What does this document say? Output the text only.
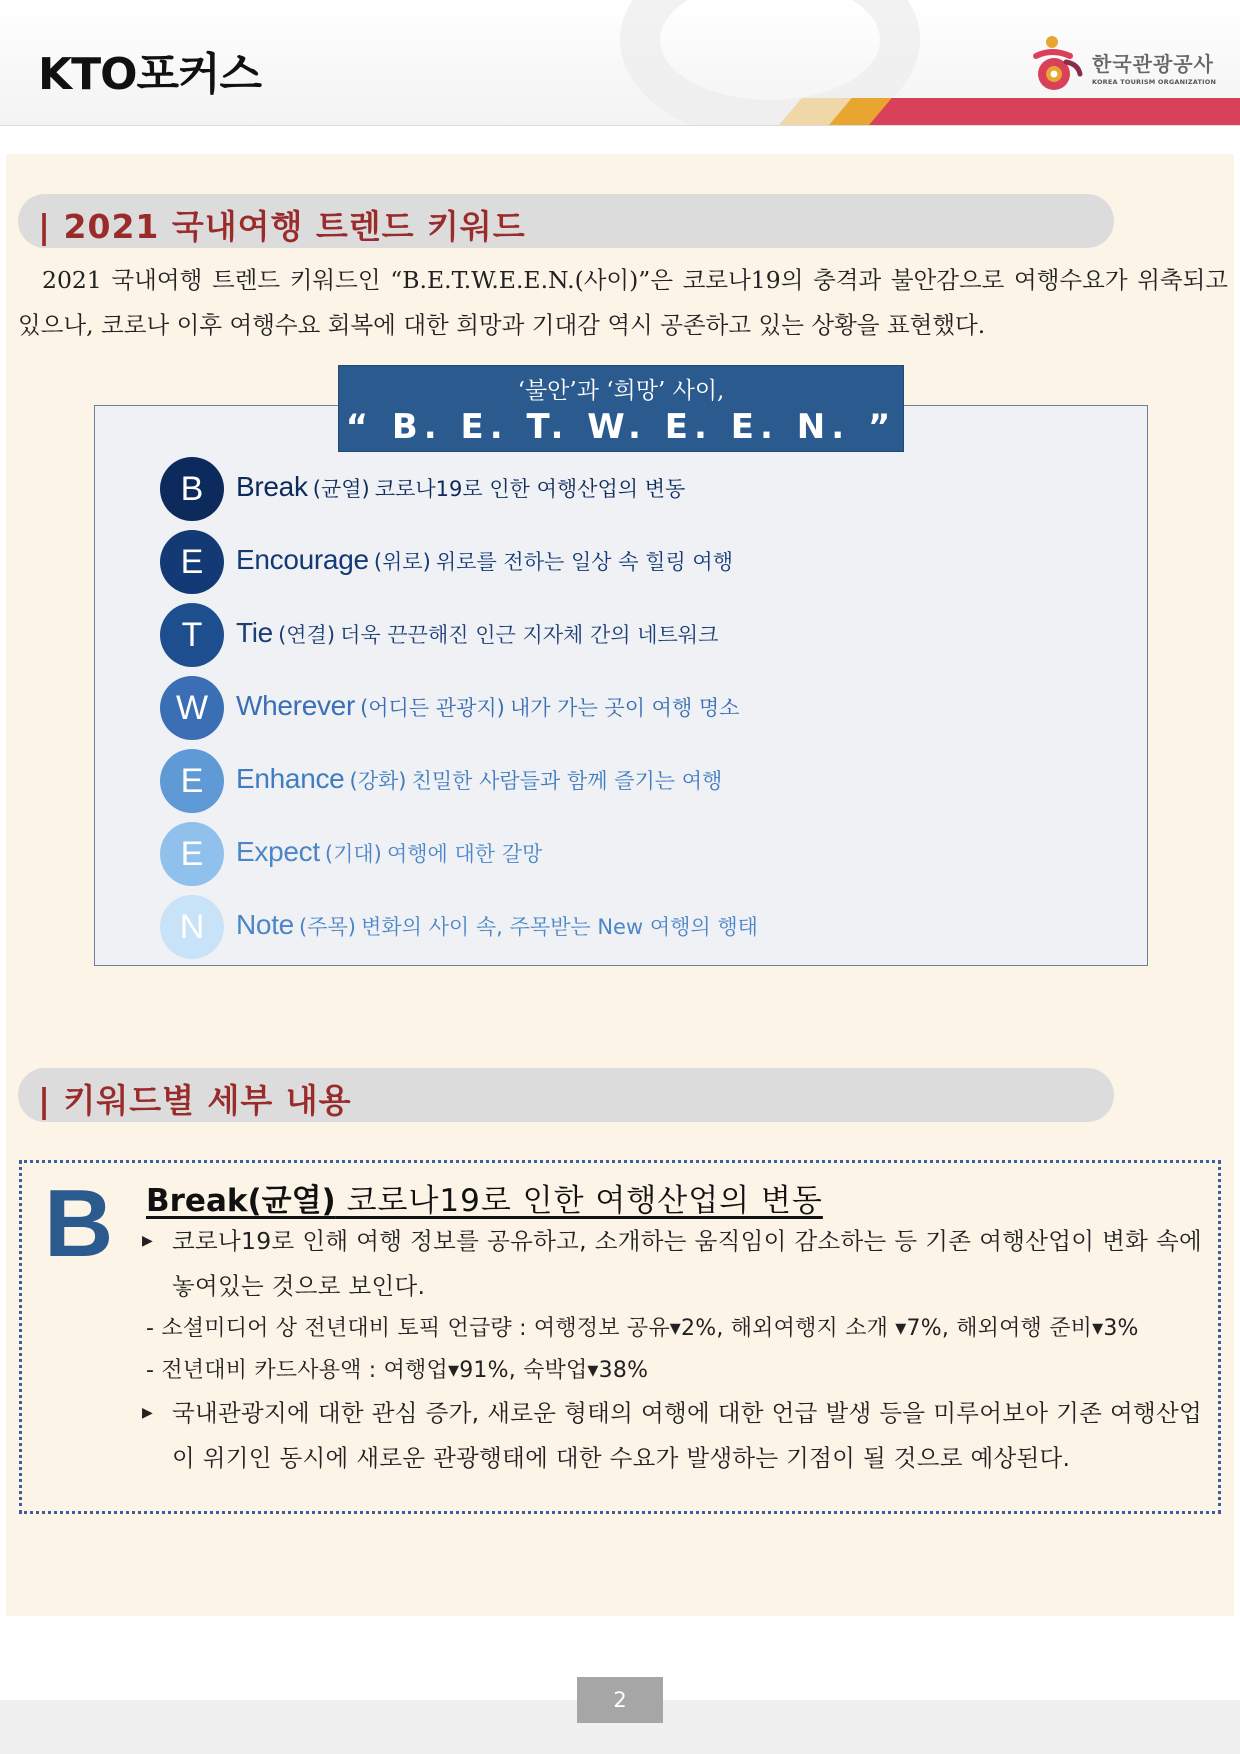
KTO포커스	한국관광공사
KOREA TOURISM ORGANIZATION
| 2021 국내여행 트렌드 키워드
2021 국내여행 트렌드 키워드인 “B.E.T.W.E.E.N.(사이)”은 코로나19의 충격과 불안감으로 여행수요가 위축되고 있으나, 코로나 이후 여행수요 회복에 대한 희망과 기대감 역시 공존하고 있는 상황을 표현했다.
‘불안’과 ‘희망’ 사이,
“ B. E. T. W. E. E. N. ”
B	Break (균열) 코로나19로 인한 여행산업의 변동
E	Encourage (위로) 위로를 전하는 일상 속 힐링 여행
T	Tie (연결) 더욱 끈끈해진 인근 지자체 간의 네트워크
W Wherever (어디든 관광지) 내가 가는 곳이 여행 명소
E	Enhance (강화) 친밀한 사람들과 함께 즐기는 여행
E	Expect (기대) 여행에 대한 갈망
N	Note (주목) 변화의 사이 속, 주목받는 New 여행의 행태
| 키워드별 세부 내용
B Break(균열) 코로나19로 인한 여행산업의 변동
▶ 코로나19로 인해 여행 정보를 공유하고, 소개하는 움직임이 감소하는 등 기존 여행산업이 변화 속에 놓여있는 것으로 보인다.
- 소셜미디어 상 전년대비 토픽 언급량 : 여행정보 공유▾2%, 해외여행지 소개 ▾7%, 해외여행 준비▾3%
- 전년대비 카드사용액 : 여행업▾91%, 숙박업▾38%
▶ 국내관광지에 대한 관심 증가, 새로운 형태의 여행에 대한 언급 발생 등을 미루어보아 기존 여행산업이 위기인 동시에 새로운 관광행태에 대한 수요가 발생하는 기점이 될 것으로 예상된다.
2
